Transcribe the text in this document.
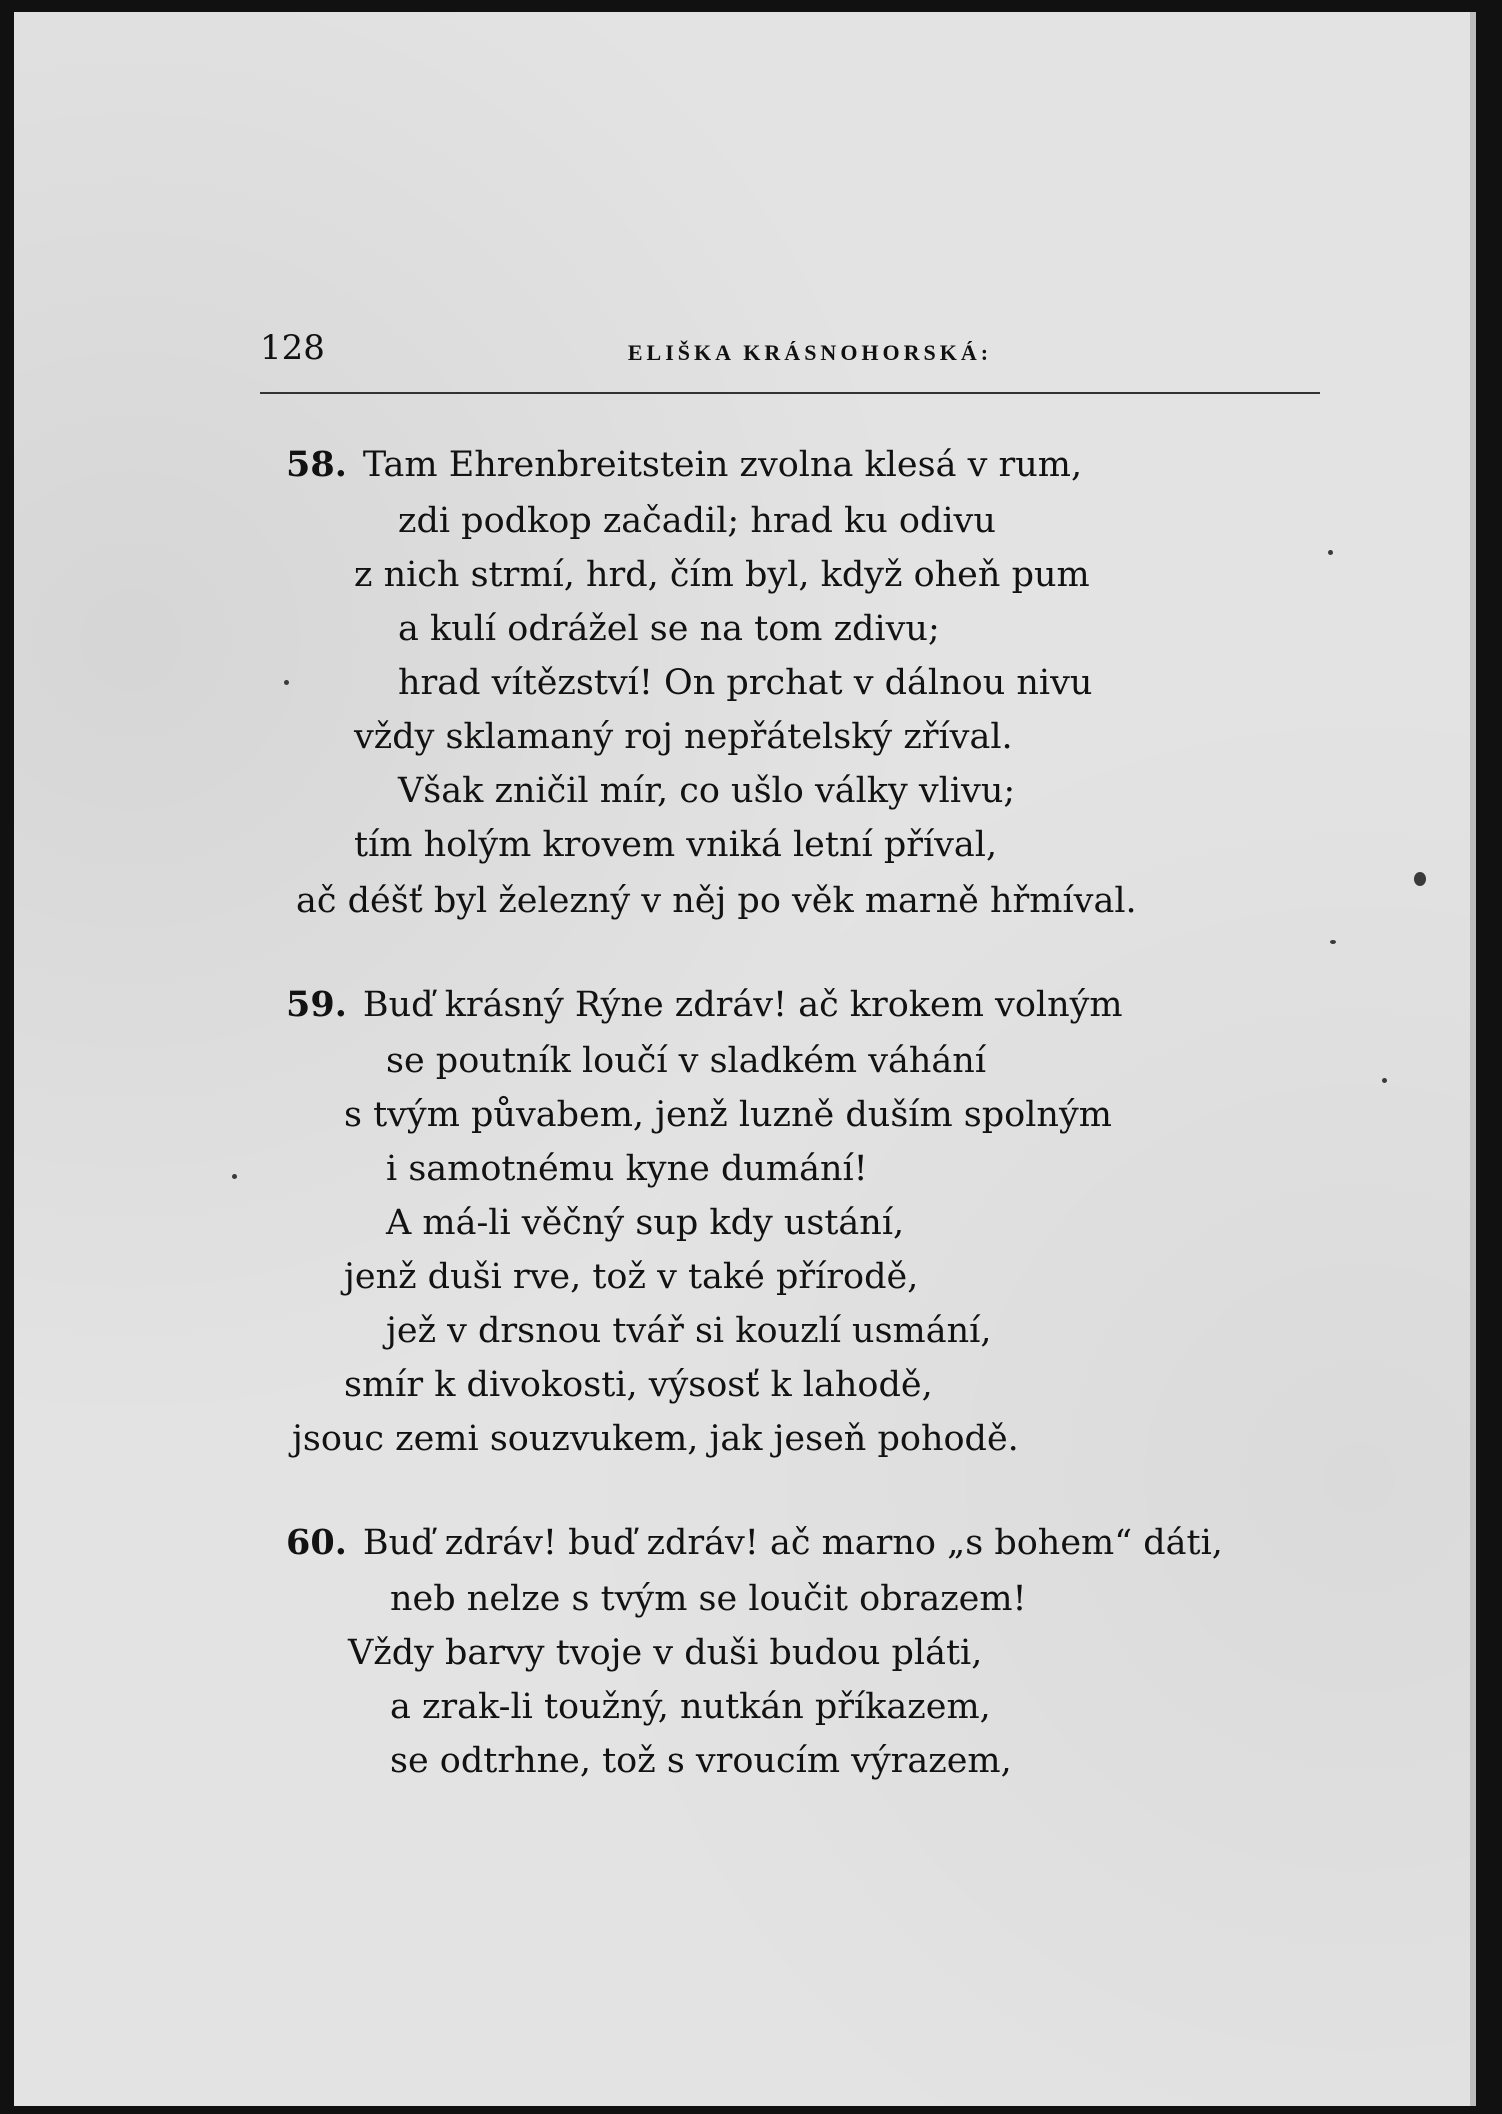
128	ELIŠKA KRÁSNOHORSKÁ:
58. Tam Ehrenbreitstein zvolna klesá v rum,
zdi podkop začadil; hrad ku odivu
z nich strmí, hrd, čím byl, když oheň pum
a kulí odrážel se na tom zdivu;
hrad vítězství! On prchat v dálnou nivu
vždy sklamaný roj nepřátelský zříval.
Však zničil mír, co ušlo války vlivu;
tím holým krovem vniká letní příval,
ač déšť byl železný v něj po věk marně hřmíval.
59. Buď krásný Rýne zdráv! ač krokem volným
se poutník loučí v sladkém váhání
s tvým půvabem, jenž luzně duším spolným
i samotnému kyne dumání!
A má-li věčný sup kdy ustání,
jenž duši rve, tož v také přírodě,
jež v drsnou tvář si kouzlí usmání,
smír k divokosti, výsosť k lahodě,
jsouc zemi souzvukem, jak jeseň pohodě.
60. Buď zdráv! buď zdráv! ač marno „s bohem“ dáti,
neb nelze s tvým se loučit obrazem!
Vždy barvy tvoje v duši budou pláti,
a zrak-li toužný, nutkán příkazem,
se odtrhne, tož s vroucím výrazem,
